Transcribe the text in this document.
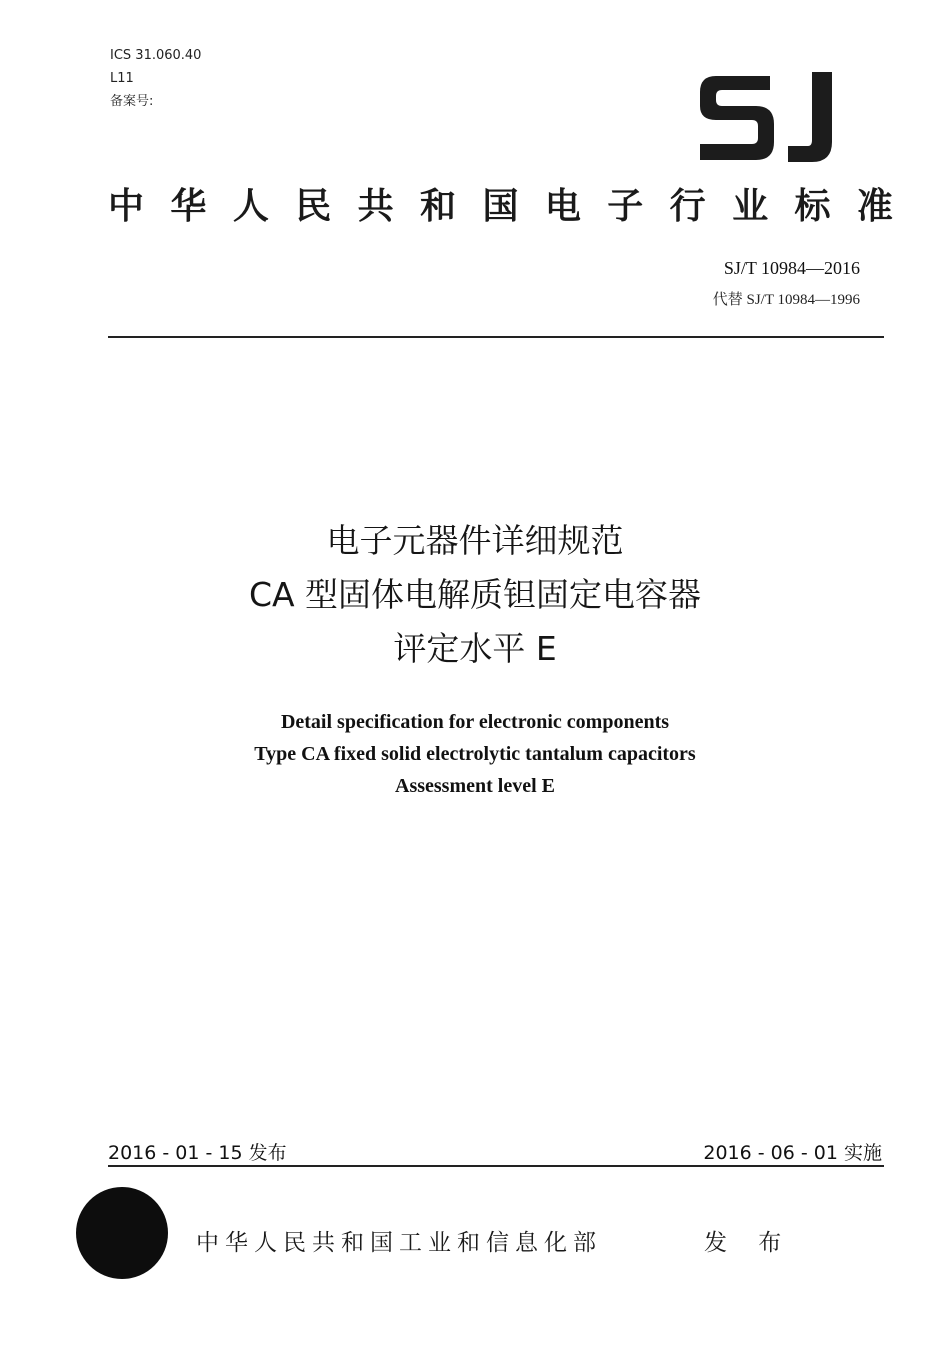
ICS 31.060.40
L11
备案号:
SJ
中 华 人 民 共 和 国 电 子 行 业 标 准
SJ/T 10984—2016
代替 SJ/T 10984—1996
电子元器件详细规范
CA 型固体电解质钽固定电容器
评定水平 E
Detail specification for electronic components
Type CA fixed solid electrolytic tantalum capacitors
Assessment level E
2016 - 01 - 15 发布	2016 - 06 - 01 实施
中华人民共和国工业和信息化部	发 布
